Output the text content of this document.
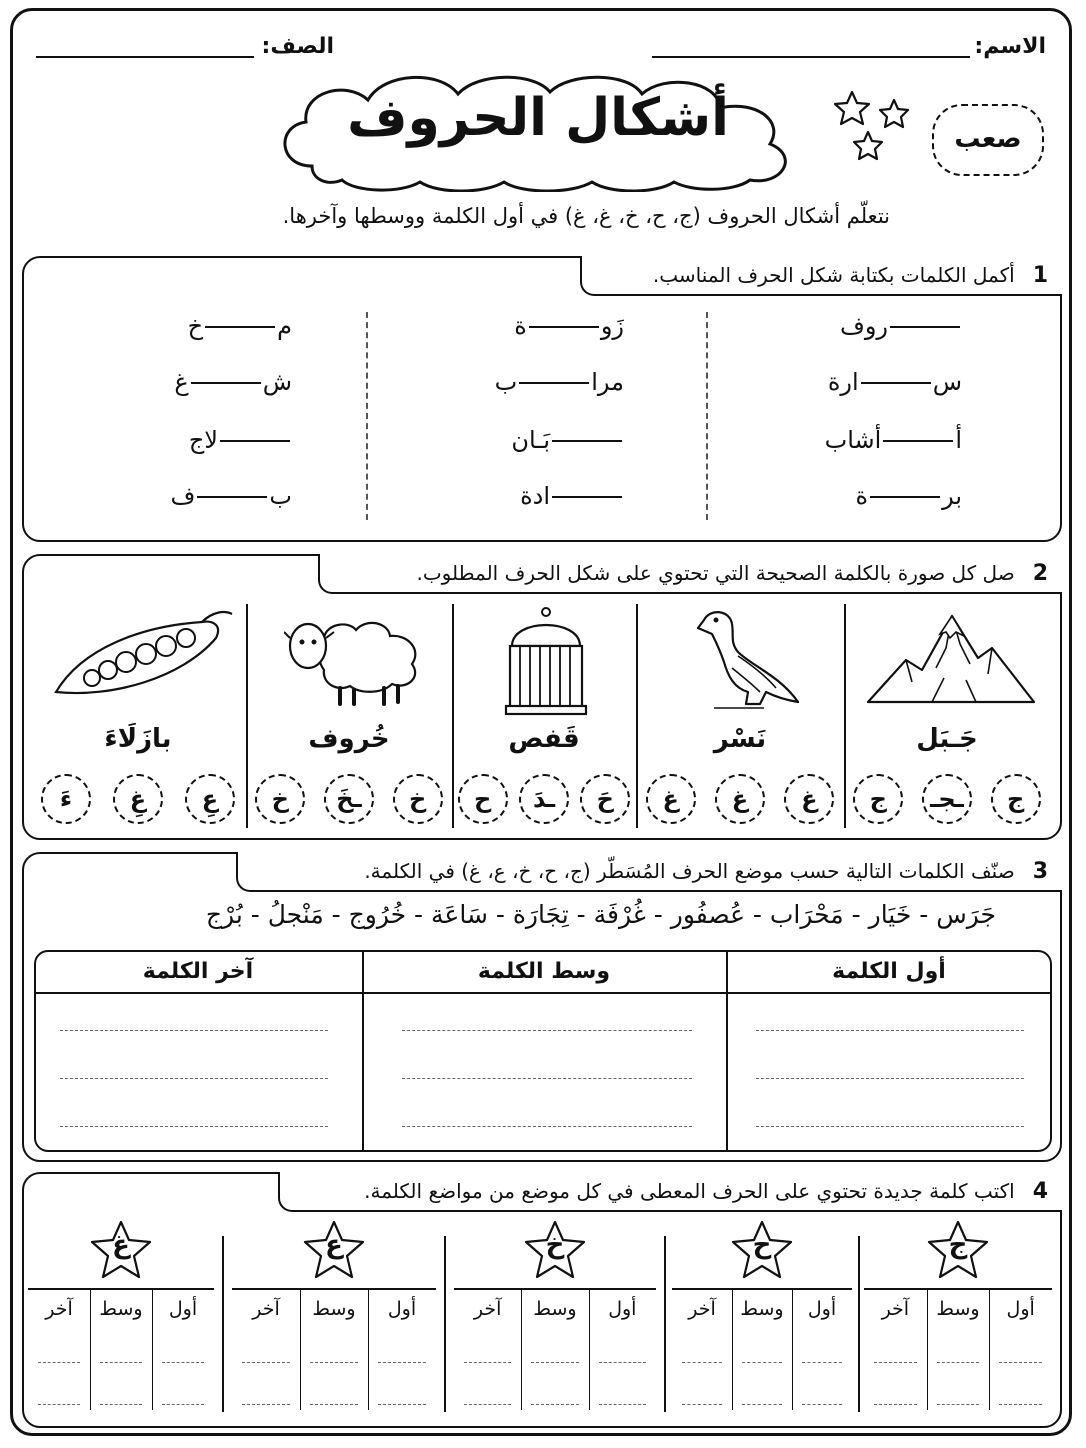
الاسم:
الصف:
أشكال الحروف	صعب
نتعلّم أشكال الحروف (ج، ح، خ، غ، غ) في أول الكلمة ووسطها وآخرها.
1أكمل الكلمات بكتابة شكل الحرف المناسب.
روف
سارة
أأشاب
برة
زَوة
مراب
بَـان
ادة
مخ
شغ
لاج
بف
2صل كل صورة بالكلمة الصحيحة التي تحتوي على شكل الحرف المطلوب.
جَـبَل
ج
ـجـ
ج
نَسْر
غ
غ
غ
قَفص
حَ
ـدَ
ح
خُروف
خ
ـخَ
خ
بازَلَاءَ
عِ
غِ
ءَ
3صنّف الكلمات التالية حسب موضع الحرف المُسَطّر (ج، ح، خ، ع، غ) في الكلمة.
جَرَس - خَيَار - مَحْرَاب - عُصفُور - غُرْفَة - تِجَارَة - سَاعَة - خُرُوج - مَنْجلُ - بُرْج
أول الكلمة
وسط الكلمة
آخر الكلمة
4اكتب كلمة جديدة تحتوي على الحرف المعطى في كل موضع من مواضع الكلمة.
ج
أول
وسط
آخر
ح
أول
وسط
آخر
خ
أول
وسط
آخر
ع
أول
وسط
آخر
غ
أول
وسط
آخر
